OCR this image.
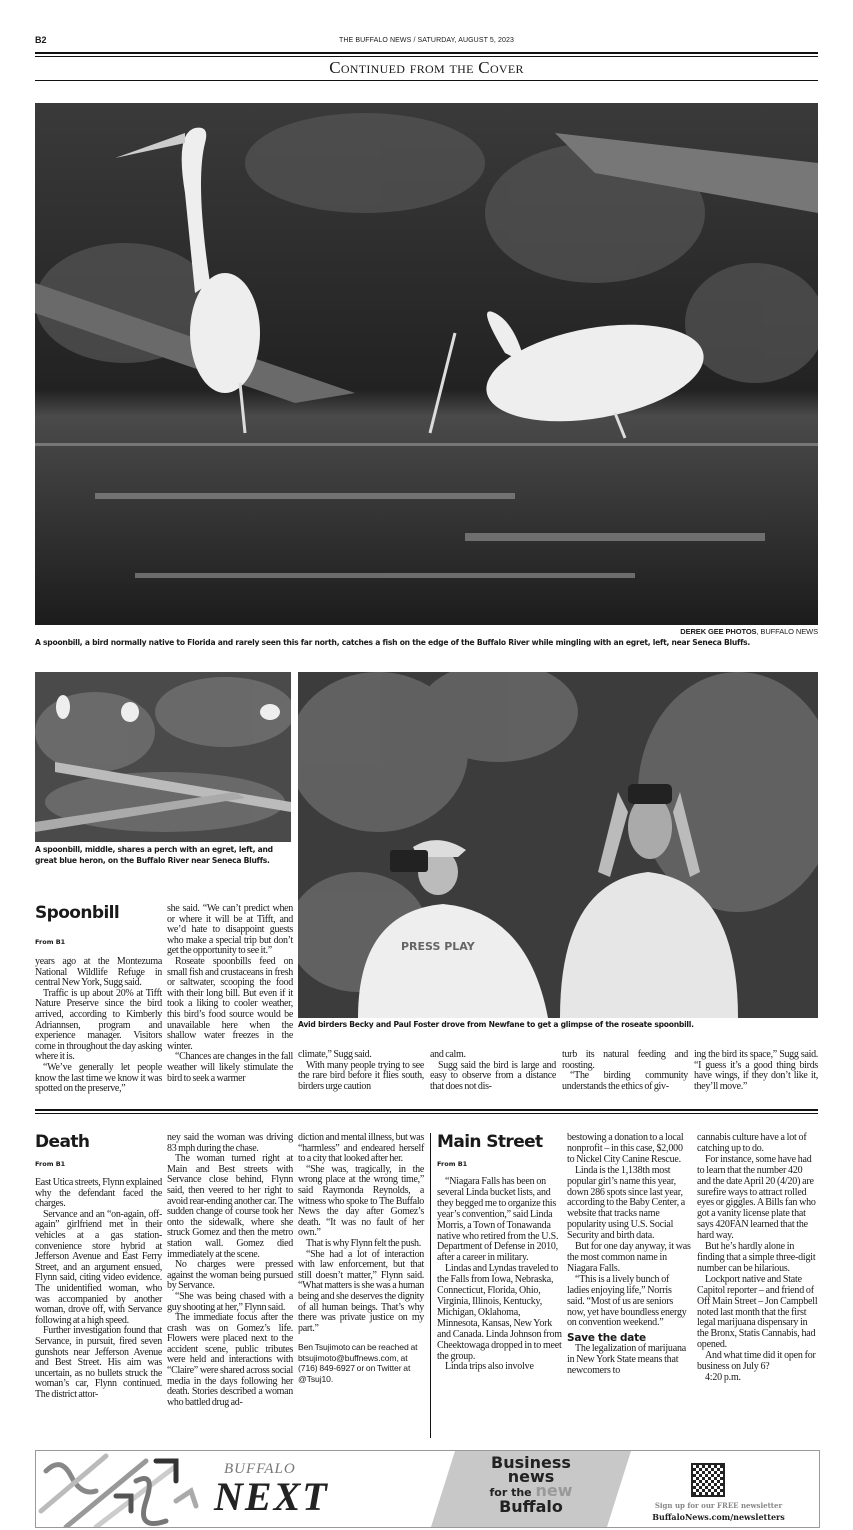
B2	THE BUFFALO NEWS / SATURDAY, AUGUST 5, 2023
Continued from the Cover
DEREK GEE PHOTOS, BUFFALO NEWS
A spoonbill, a bird normally native to Florida and rarely seen this far north, catches a fish on the edge of the Buffalo River while mingling with an egret, left, near Seneca Bluffs.
A spoonbill, middle, shares a perch with an egret, left, and great blue heron, on the Buffalo River near Seneca Bluffs.
PRESS PLAY
Avid birders Becky and Paul Foster drove from Newfane to get a glimpse of the roseate spoonbill.
Spoonbill
From B1

years ago at the Montezuma National Wildlife Refuge in central New York, Sugg said.

Traffic is up about 20% at Tifft Nature Preserve since the bird arrived, according to Kimberly Adriannsen, program and experience manager. Visitors come in throughout the day asking where it is.

“We’ve generally let people know the last time we know it was spotted on the preserve,”

she said. “We can’t predict when or where it will be at Tifft, and we’d hate to disappoint guests who make a special trip but don’t get the opportunity to see it.”

Roseate spoonbills feed on small fish and crustaceans in fresh or saltwater, scooping the food with their long bill. But even if it took a liking to cooler weather, this bird’s food source would be unavailable here when the shallow water freezes in the winter.

“Chances are changes in the fall weather will likely stimulate the bird to seek a warmer

climate,” Sugg said.

With many people trying to see the rare bird before it flies south, birders urge caution

and calm.

Sugg said the bird is large and easy to observe from a distance that does not dis-

turb its natural feeding and roosting.

“The birding community understands the ethics of giv-

ing the bird its space,” Sugg said. “I guess it’s a good thing birds have wings, if they don’t like it, they’ll move.”

Death
From B1

East Utica streets, Flynn explained why the defendant faced the charges.

Servance and an “on-again, off-again” girlfriend met in their vehicles at a gas station-convenience store hybrid at Jefferson Avenue and East Ferry Street, and an argument ensued, Flynn said, citing video evidence. The unidentified woman, who was accompanied by another woman, drove off, with Servance following at a high speed.

Further investigation found that Servance, in pursuit, fired seven gunshots near Jefferson Avenue and Best Street. His aim was uncertain, as no bullets struck the woman’s car, Flynn continued. The district attor-

ney said the woman was driving 83 mph during the chase.

The woman turned right at Main and Best streets with Servance close behind, Flynn said, then veered to her right to avoid rear-ending another car. The sudden change of course took her onto the sidewalk, where she struck Gomez and then the metro station wall. Gomez died immediately at the scene.

No charges were pressed against the woman being pursued by Servance.

“She was being chased with a guy shooting at her,” Flynn said.

The immediate focus after the crash was on Gomez’s life. Flowers were placed next to the accident scene, public tributes were held and interactions with “Claire” were shared across social media in the days following her death. Stories described a woman who battled drug ad-

diction and mental illness, but was “harmless” and endeared herself to a city that looked after her.

“She was, tragically, in the wrong place at the wrong time,” said Raymonda Reynolds, a witness who spoke to The Buffalo News the day after Gomez’s death. “It was no fault of her own.”

That is why Flynn felt the push.

“She had a lot of interaction with law enforcement, but that still doesn’t matter,” Flynn said. “What matters is she was a human being and she deserves the dignity of all human beings. That’s why there was private justice on my part.”

Ben Tsujimoto can be reached at btsujimoto@buffnews.com, at (716) 849-6927 or on Twitter at @Tsuj10.

Main Street
From B1

“Niagara Falls has been on several Linda bucket lists, and they begged me to organize this year’s convention,” said Linda Morris, a Town of Tonawanda native who retired from the U.S. Department of Defense in 2010, after a career in military.

Lindas and Lyndas traveled to the Falls from Iowa, Nebraska, Connecticut, Florida, Ohio, Virginia, Illinois, Kentucky, Michigan, Oklahoma, Minnesota, Kansas, New York and Canada. Linda Johnson from Cheektowaga dropped in to meet the group.

Linda trips also involve

bestowing a donation to a local nonprofit – in this case, $2,000 to Nickel City Canine Rescue.

Linda is the 1,138th most popular girl’s name this year, down 286 spots since last year, according to the Baby Center, a website that tracks name popularity using U.S. Social Security and birth data.

But for one day anyway, it was the most common name in Niagara Falls.

“This is a lively bunch of ladies enjoying life,” Norris said. “Most of us are seniors now, yet have boundless energy on convention weekend.”

Save the date

The legalization of marijuana in New York State means that newcomers to

cannabis culture have a lot of catching up to do.

For instance, some have had to learn that the number 420 and the date April 20 (4/20) are surefire ways to attract rolled eyes or giggles. A Bills fan who got a vanity license plate that says 420FAN learned that the hard way.

But he’s hardly alone in finding that a simple three-digit number can be hilarious.

Lockport native and State Capitol reporter – and friend of Off Main Street – Jon Campbell noted last month that the first legal marijuana dispensary in the Bronx, Statis Cannabis, had opened.

And what time did it open for business on July 6?

4:20 p.m.

BUFFALO
NEXT
Business
news
for the new
Buffalo	Sign up for our FREE newsletter
BuffaloNews.com/newsletters
